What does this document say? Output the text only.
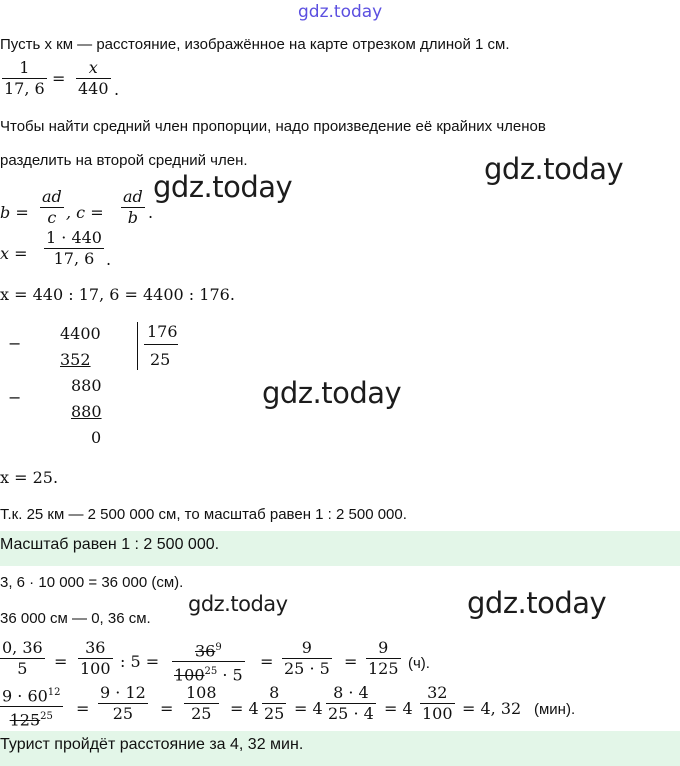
gdz.today
Пусть x км — расстояние, изображённое на карте отрезком длиной 1 см.
$\frac{1}{17, 6} = \frac{x}{440}$ .
Чтобы найти средний член пропорции, надо произведение её крайних членов
разделить на второй средний член.	gdz.today
gdz.today
$b = \frac{ad}{c}$ , $c = \frac{ad}{b}$ .
$x = \frac{1 \cdot 440}{17, 6}$ .
x = 440 : 17, 6 = 4400 : 176.
−
4400	176
352	25
−
880
880
0
gdz.today
x = 25.
Т.к. 25 км — 2 500 000 см, то масштаб равен 1 : 2 500 000.
Масштаб равен 1 : 2 500 000.
3, 6 · 10 000 = 36 000 (см).
36 000 см — 0, 36 см.
gdz.today	gdz.today
$\frac{0, 36}{5} = \frac{36}{100}$ : $5 = \frac{36^9}{100^{25} \cdot 5} = \frac{9}{25 \cdot 5} = \frac{9}{125} (ч)$.
$\frac{9 \cdot 60^{12}}{125^{25}} = \frac{9 \cdot 12}{25} = \frac{108}{25} = 4 \frac{8}{25} = 4 \frac{8 \cdot 4}{25 \cdot 4} = 4 \frac{32}{100} = 4$, 32 (мин).
Турист пройдёт расстояние за 4, 32 мин.
